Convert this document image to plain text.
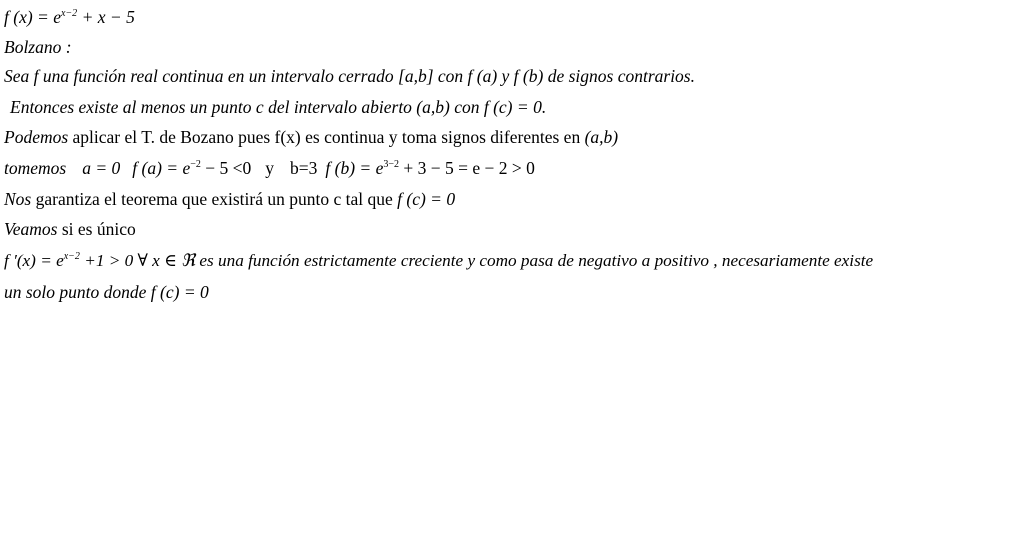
f $(x) = e^{x-2} + x - 5$
Bolzano :
Sea f una función real continua en un intervalo cerrado [a,b] con f (a) y f (b) de signos contrarios.
Entonces existe al menos un punto c del intervalo abierto (a,b) con f (c) = 0.
Podemos aplicar el T. de Bozano pues f(x) es continua y toma signos diferentes en (a,b)
tomemos a = 0 f $(a) = e^{-2} - 5 <0$ y b=3 f $(b) = e^{3-2} + 3 - 5 = e - 2 > 0$
Nos garantiza el teorema que existirá un punto c tal que f (c) = 0
Veamos si es único
f $'(x) = e^{x-2} +1 > 0$ ∀ x ∈ ℜ es una función estrictamente creciente y como pasa de negativo a positivo , necesariamente existe
un solo punto donde f (c) = 0
